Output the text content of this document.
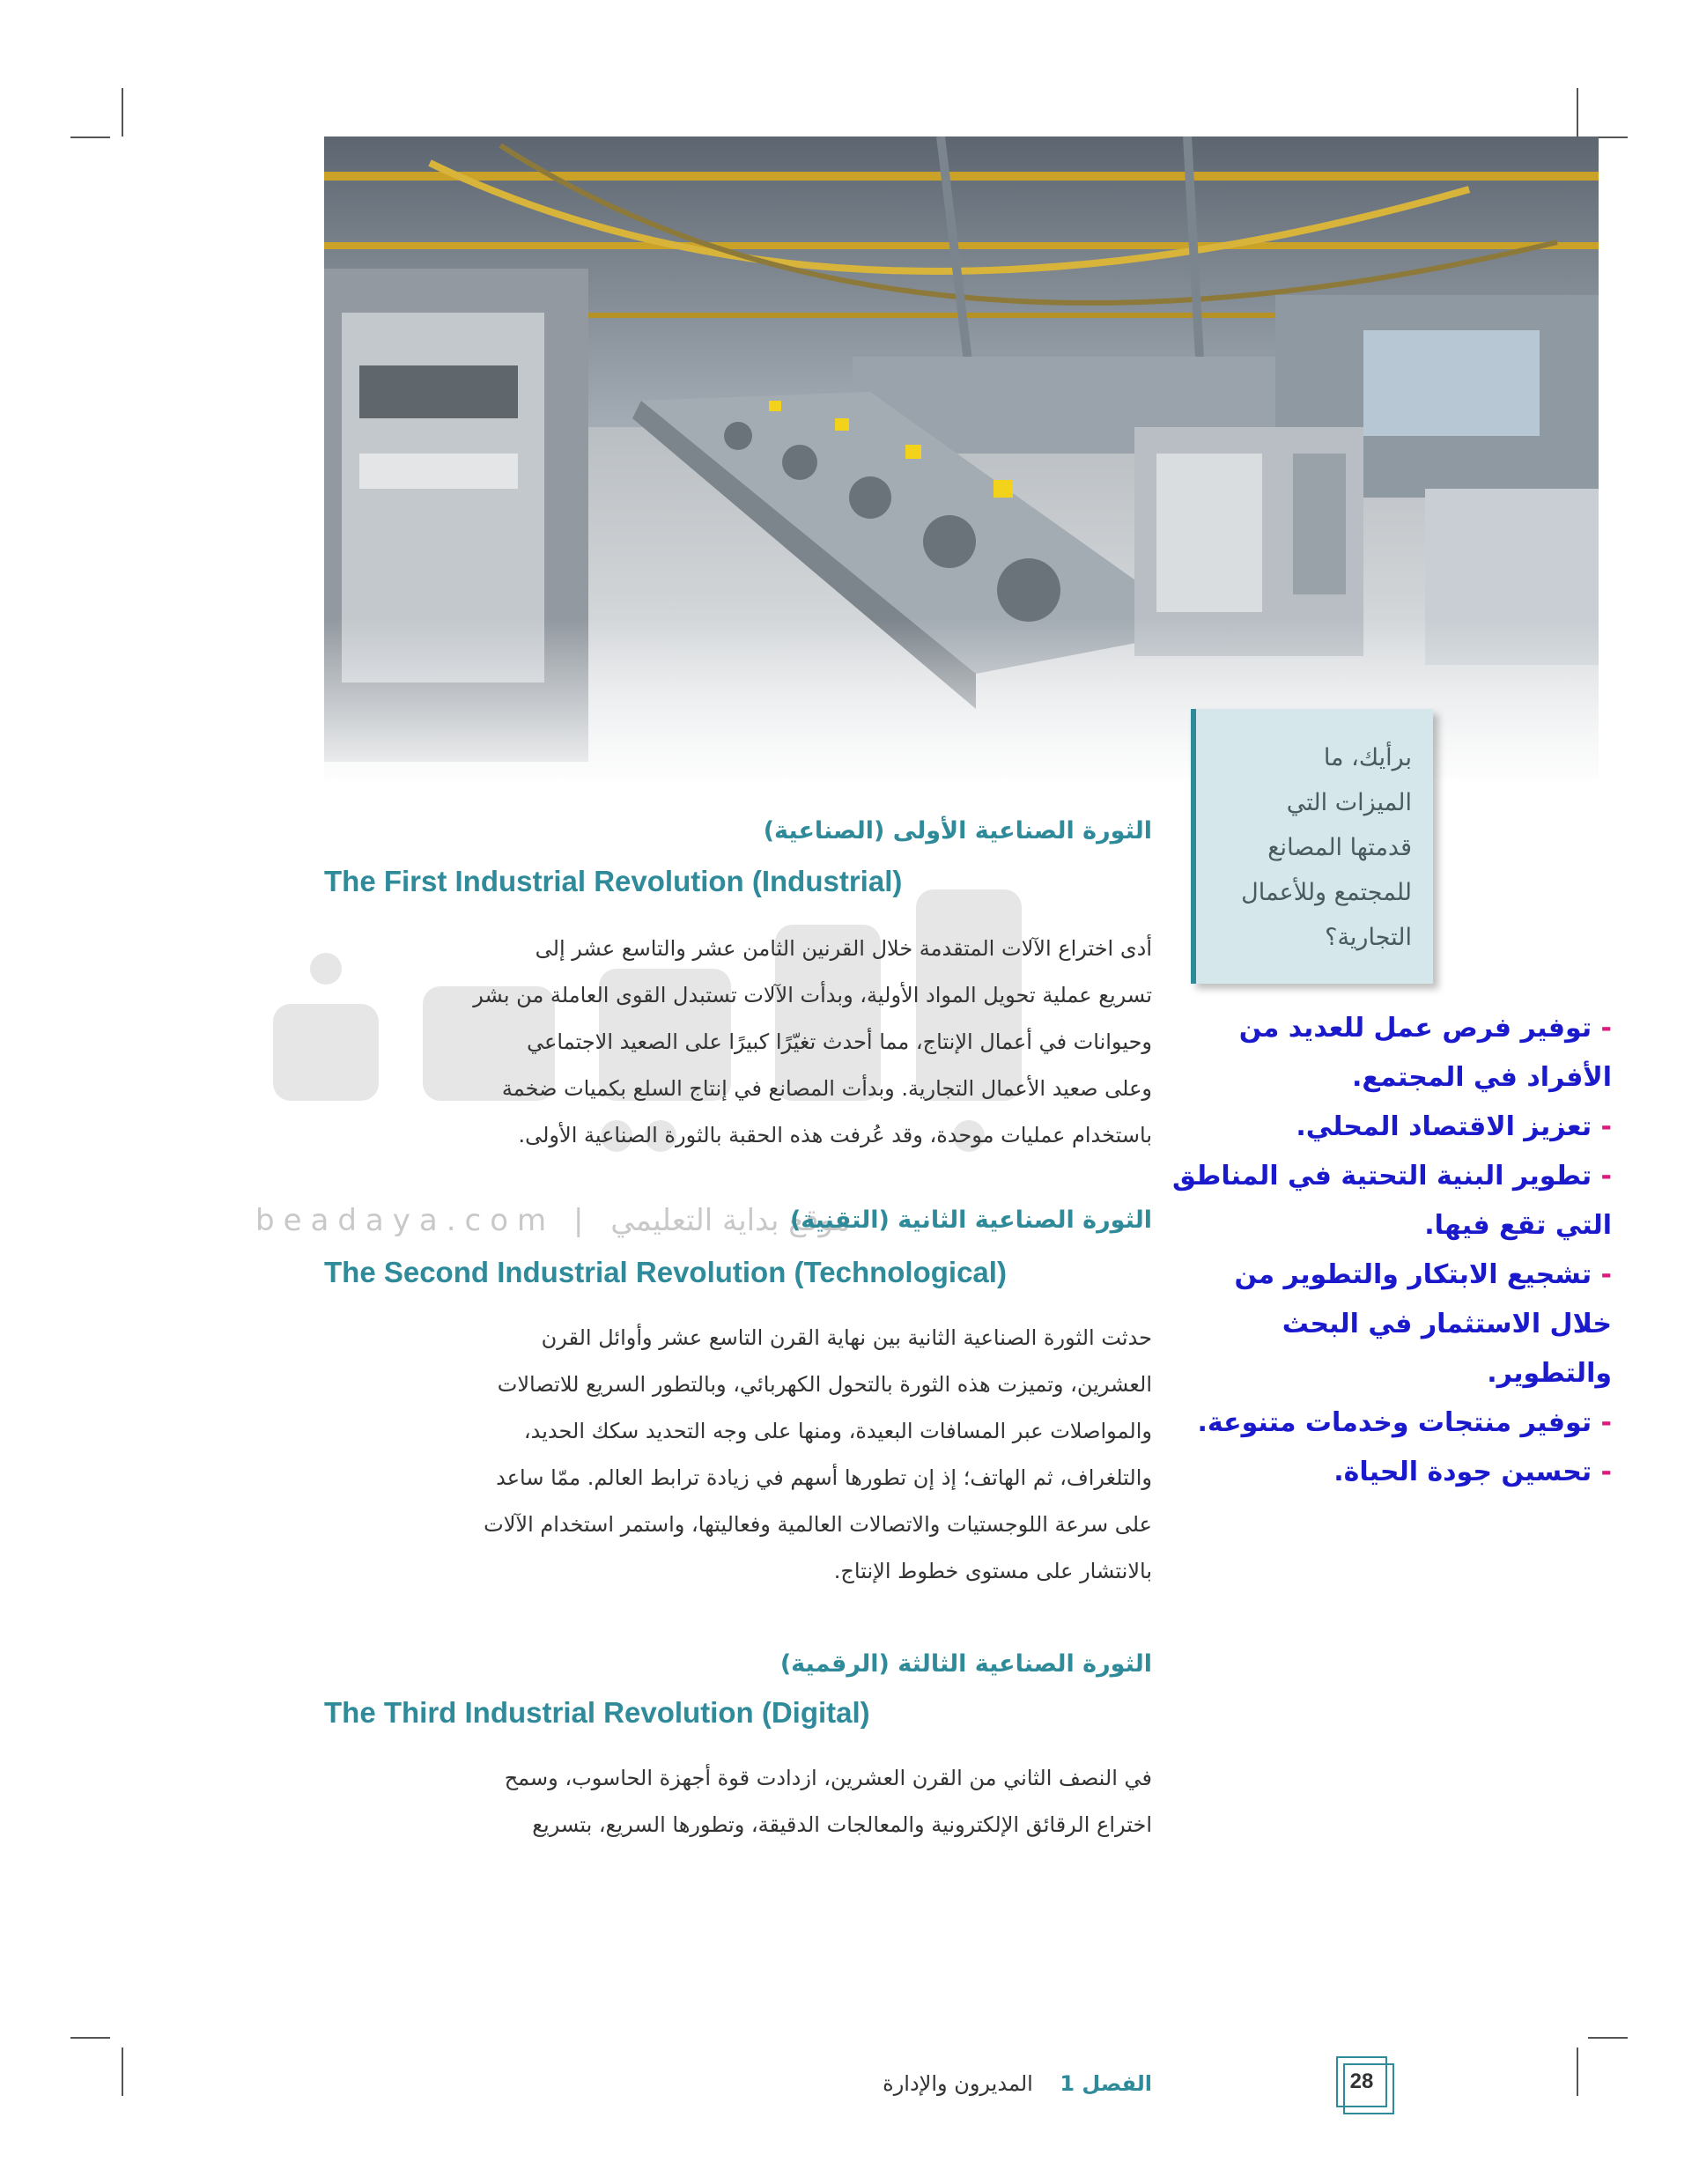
برأيك، ما
الميزات التي
قدمتها المصانع
للمجتمع وللأعمال
التجارية؟
- توفير فرص عمل للعديد من
الأفراد في المجتمع.
- تعزيز الاقتصاد المحلي.
- تطوير البنية التحتية في المناطق
التي تقع فيها.
- تشجيع الابتكار والتطوير من
خلال الاستثمار في البحث
والتطوير.
- توفير منتجات وخدمات متنوعة.
- تحسين جودة الحياة.
beadaya.com | موقع بداية التعليمي
الثورة الصناعية الأولى (الصناعية)
The First Industrial Revolution (Industrial)
أدى اختراع الآلات المتقدمة خلال القرنين الثامن عشر والتاسع عشر إلى
تسريع عملية تحويل المواد الأولية، وبدأت الآلات تستبدل القوى العاملة من بشر
وحيوانات في أعمال الإنتاج، مما أحدث تغيّرًا كبيرًا على الصعيد الاجتماعي
وعلى صعيد الأعمال التجارية. وبدأت المصانع في إنتاج السلع بكميات ضخمة
باستخدام عمليات موحدة، وقد عُرفت هذه الحقبة بالثورة الصناعية الأولى.
الثورة الصناعية الثانية (التقنية)
The Second Industrial Revolution (Technological)
حدثت الثورة الصناعية الثانية بين نهاية القرن التاسع عشر وأوائل القرن
العشرين، وتميزت هذه الثورة بالتحول الكهربائي، وبالتطور السريع للاتصالات
والمواصلات عبر المسافات البعيدة، ومنها على وجه التحديد سكك الحديد،
والتلغراف، ثم الهاتف؛ إذ إن تطورها أسهم في زيادة ترابط العالم. ممّا ساعد
على سرعة اللوجستيات والاتصالات العالمية وفعاليتها، واستمر استخدام الآلات
بالانتشار على مستوى خطوط الإنتاج.
الثورة الصناعية الثالثة (الرقمية)
The Third Industrial Revolution (Digital)
في النصف الثاني من القرن العشرين، ازدادت قوة أجهزة الحاسوب، وسمح
اختراع الرقائق الإلكترونية والمعالجات الدقيقة، وتطورها السريع، بتسريع
الفصل 1    المديرون والإدارة	28
